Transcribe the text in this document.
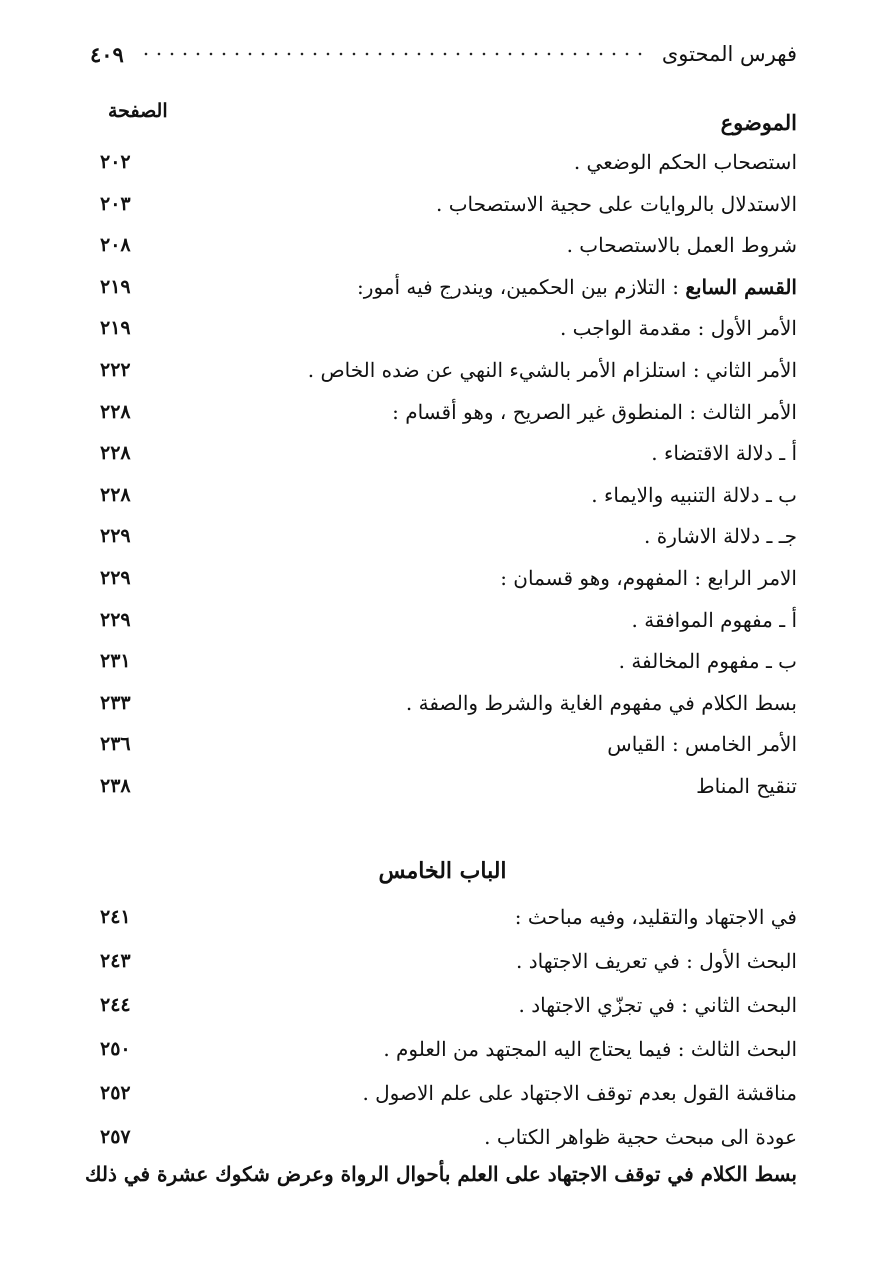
فهرس المحتوى
٤٠٩
الصفحة	الموضوع
استصحاب الحكم الوضعي .
٢٠٢
الاستدلال بالروايات على حجية الاستصحاب .
٢٠٣
شروط العمل بالاستصحاب .
٢٠٨
القسم السابع : التلازم بين الحكمين، ويندرج فيه أمور:
٢١٩
الأمر الأول : مقدمة الواجب .
٢١٩
الأمر الثاني : استلزام الأمر بالشيء النهي عن ضده الخاص .
٢٢٢
الأمر الثالث : المنطوق غير الصريح ، وهو أقسام :
٢٢٨
أ ـ دلالة الاقتضاء .
٢٢٨
ب ـ دلالة التنبيه والايماء .
٢٢٨
جـ ـ دلالة الاشارة .
٢٢٩
الامر الرابع : المفهوم، وهو قسمان :
٢٢٩
أ ـ مفهوم الموافقة .
٢٢٩
ب ـ مفهوم المخالفة .
٢٣١
بسط الكلام في مفهوم الغاية والشرط والصفة .
٢٣٣
الأمر الخامس : القياس
٢٣٦
تنقيح المناط
٢٣٨
الباب الخامس
في الاجتهاد والتقليد، وفيه مباحث :
٢٤١
البحث الأول : في تعريف الاجتهاد .
٢٤٣
البحث الثاني : في تجزّي الاجتهاد .
٢٤٤
البحث الثالث : فيما يحتاج اليه المجتهد من العلوم .
٢٥٠
مناقشة القول بعدم توقف الاجتهاد على علم الاصول .
٢٥٢
عودة الى مبحث حجية ظواهر الكتاب .
٢٥٧
بسط الكلام في توقف الاجتهاد على العلم بأحوال الرواة وعرض شكوك عشرة في ذلك
